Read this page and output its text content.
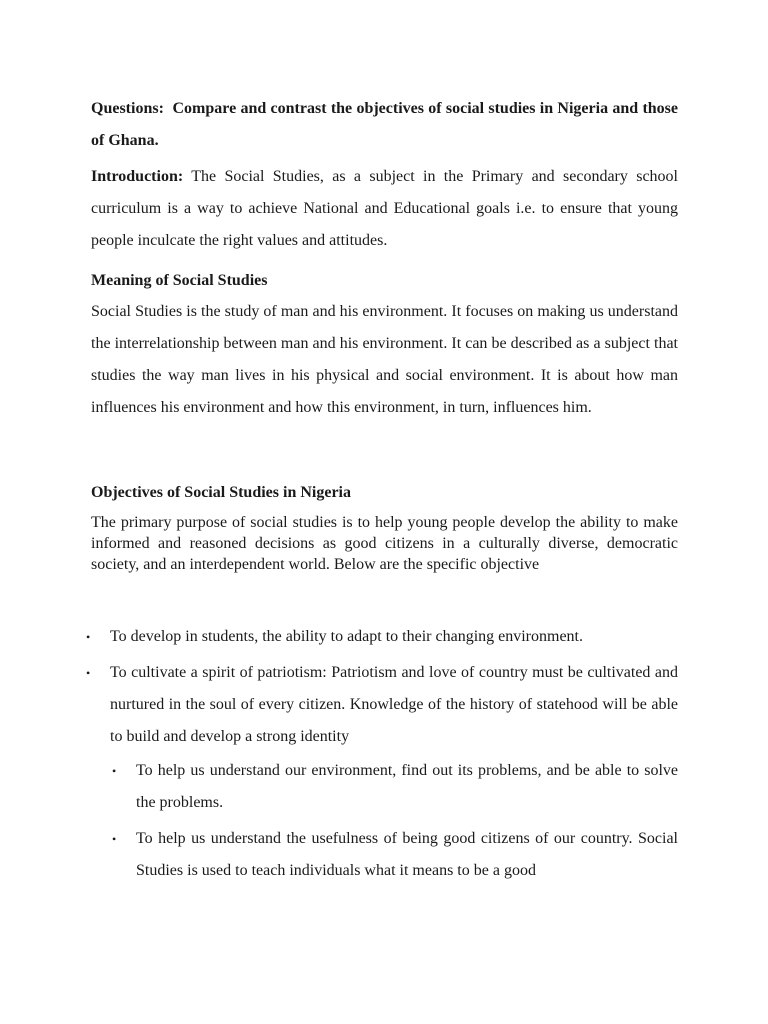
Questions: Compare and contrast the objectives of social studies in Nigeria and those of Ghana.

Introduction: The Social Studies, as a subject in the Primary and secondary school curriculum is a way to achieve National and Educational goals i.e. to ensure that young people inculcate the right values and attitudes.

Meaning of Social Studies

Social Studies is the study of man and his environment. It focuses on making us understand the interrelationship between man and his environment. It can be described as a subject that studies the way man lives in his physical and social environment. It is about how man influences his environment and how this environment, in turn, influences him.

Objectives of Social Studies in Nigeria

The primary purpose of social studies is to help young people develop the ability to make informed and reasoned decisions as good citizens in a culturally diverse, democratic society, and an interdependent world. Below are the specific objective

• To develop in students, the ability to adapt to their changing environment.
• To cultivate a spirit of patriotism: Patriotism and love of country must be cultivated and nurtured in the soul of every citizen. Knowledge of the history of statehood will be able to build and develop a strong identity
• To help us understand our environment, find out its problems, and be able to solve the problems.
• To help us understand the usefulness of being good citizens of our country. Social Studies is used to teach individuals what it means to be a good
